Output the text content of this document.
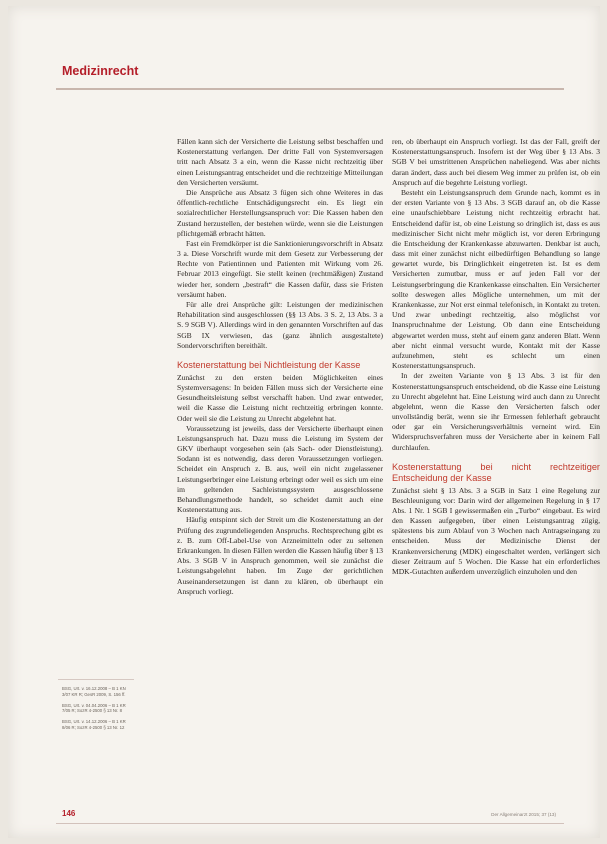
Medizinrecht

Fällen kann sich der Versicherte die Leistung selbst beschaffen und Kostenerstattung verlangen. Der dritte Fall von Systemversagen tritt nach Absatz 3 a ein, wenn die Kasse nicht rechtzeitig über einen Leistungsantrag entscheidet und die rechtzeitige Mitteilungan den Versicherten versäumt.

Die Ansprüche aus Absatz 3 fügen sich ohne Weiteres in das öffentlich-rechtliche Entschädigungsrecht ein. Es liegt ein sozialrechtlicher Herstellungsanspruch vor: Die Kassen haben den Zustand herzustellen, der bestehen würde, wenn sie die Leistungen pflichtgemäß erbracht hätten.

Fast ein Fremdkörper ist die Sanktionierungsvorschrift in Absatz 3 a. Diese Vorschrift wurde mit dem Gesetz zur Verbesserung der Rechte von Patientinnen und Patienten mit Wirkung vom 26. Februar 2013 eingefügt. Sie stellt keinen (rechtmäßigen) Zustand wieder her, sondern „bestraft“ die Kassen dafür, dass sie Fristen versäumt haben.

Für alle drei Ansprüche gilt: Leistungen der medizinischen Rehabilitation sind ausgeschlossen (§§ 13 Abs. 3 S. 2, 13 Abs. 3 a S. 9 SGB V). Allerdings wird in den genannten Vorschriften auf das SGB IX verwiesen, das (ganz ähnlich ausgestaltete) Sondervorschriften bereithält.

Kostenerstattung bei Nichtleistung der Kasse

Zunächst zu den ersten beiden Möglichkeiten eines Systemversagens: In beiden Fällen muss sich der Versicherte eine Gesundheitsleistung selbst verschafft haben. Und zwar entweder, weil die Kasse die Leistung nicht rechtzeitig erbringen konnte. Oder weil sie die Leistung zu Unrecht abgelehnt hat.

Voraussetzung ist jeweils, dass der Versicherte überhaupt einen Leistungsanspruch hat. Dazu muss die Leistung im System der GKV überhaupt vorgesehen sein (als Sach- oder Dienstleistung). Sodann ist es notwendig, dass deren Voraussetzungen vorliegen. Scheidet ein Anspruch z. B. aus, weil ein nicht zugelassener Leistungserbringer eine Leistung erbringt oder weil es sich um eine im geltenden Sachleistungssystem ausgeschlossene Behandlungsmethode handelt, so scheidet damit auch eine Kostenerstattung aus.

Häufig entspinnt sich der Streit um die Kostenerstattung an der Prüfung des zugrundeliegenden Anspruchs. Rechtsprechung gibt es z. B. zum Off-Label-Use von Arzneimitteln oder zu seltenen Erkrankungen. In diesen Fällen werden die Kassen häufig über § 13 Abs. 3 SGB V in Anspruch genommen, weil sie zunächst die Leistungsabgelehnt haben. Im Zuge der gerichtlichen Auseinandersetzungen ist dann zu klären, ob überhaupt ein Anspruch vorliegt.

ren, ob überhaupt ein Anspruch vorliegt. Ist das der Fall, greift der Kostenerstattungsanspruch. Insofern ist der Weg über § 13 Abs. 3 SGB V bei umstrittenen Ansprüchen naheliegend. Was aber nichts daran ändert, dass auch bei diesem Weg immer zu prüfen ist, ob ein Anspruch auf die begehrte Leistung vorliegt.

Besteht ein Leistungsanspruch dem Grunde nach, kommt es in der ersten Variante von § 13 Abs. 3 SGB darauf an, ob die Kasse eine unaufschiebbare Leistung nicht rechtzeitig erbracht hat. Entscheidend dafür ist, ob eine Leistung so dringlich ist, dass es aus medizinischer Sicht nicht mehr möglich ist, vor deren Erbringung die Entscheidung der Krankenkasse abzuwarten. Denkbar ist auch, dass mit einer zunächst nicht eilbedürftigen Behandlung so lange gewartet wurde, bis Dringlichkeit eingetreten ist. Ist es dem Versicherten zumutbar, muss er auf jeden Fall vor der Leistungserbringung die Krankenkasse einschalten. Ein Versicherter sollte deswegen alles Mögliche unternehmen, um mit der Krankenkasse, zur Not erst einmal telefonisch, in Kontakt zu treten. Und zwar unbedingt rechtzeitig, also möglichst vor Inanspruchnahme der Leistung. Ob dann eine Entscheidung abgewartet werden muss, steht auf einem ganz anderen Blatt. Wenn aber nicht einmal versucht wurde, Kontakt mit der Kasse aufzunehmen, steht es schlecht um einen Kostenerstattungsanspruch.

In der zweiten Variante von § 13 Abs. 3 ist für den Kostenerstattungsanspruch entscheidend, ob die Kasse eine Leistung zu Unrecht abgelehnt hat. Eine Leistung wird auch dann zu Unrecht abgelehnt, wenn die Kasse den Versicherten falsch oder unvollständig berät, wenn sie ihr Ermessen fehlerhaft gebraucht oder gar ein Versicherungsverhältnis verneint wird. Ein Widerspruchsverfahren muss der Versicherte aber in keinem Fall durchlaufen.

Kostenerstattung bei nicht rechtzeitiger Entscheidung der Kasse

Zunächst sieht § 13 Abs. 3 a SGB in Satz 1 eine Regelung zur Beschleunigung vor: Darin wird der allgemeinen Regelung in § 17 Abs. 1 Nr. 1 SGB I gewissermaßen ein „Turbo“ eingebaut. Es wird den Kassen aufgegeben, über einen Leistungsantrag zügig, spätestens bis zum Ablauf von 3 Wochen nach Antragseingang zu entscheiden. Muss der Medizinische Dienst der Krankenversicherung (MDK) eingeschaltet werden, verlängert sich dieser Zeitraum auf 5 Wochen. Die Kasse hat ein erforderliches MDK-Gutachten außerdem unverzüglich einzuholen und den

BSG, Urt. v. 16.12.2008 – B 1 KN 3/07 KR R; GesR 2009, S. 156 ff.
BSG, Urt. v. 04.04.2006 – B 1 KR 7/05 R; SozR 4-2500 § 13 Nr. 8
BSG, Urt. v. 14.12.2006 – B 1 KR 8/06 R; SozR 4-2500 § 13 Nr. 12
146	Der Allgemeinarzt 2015; 37 (13)
